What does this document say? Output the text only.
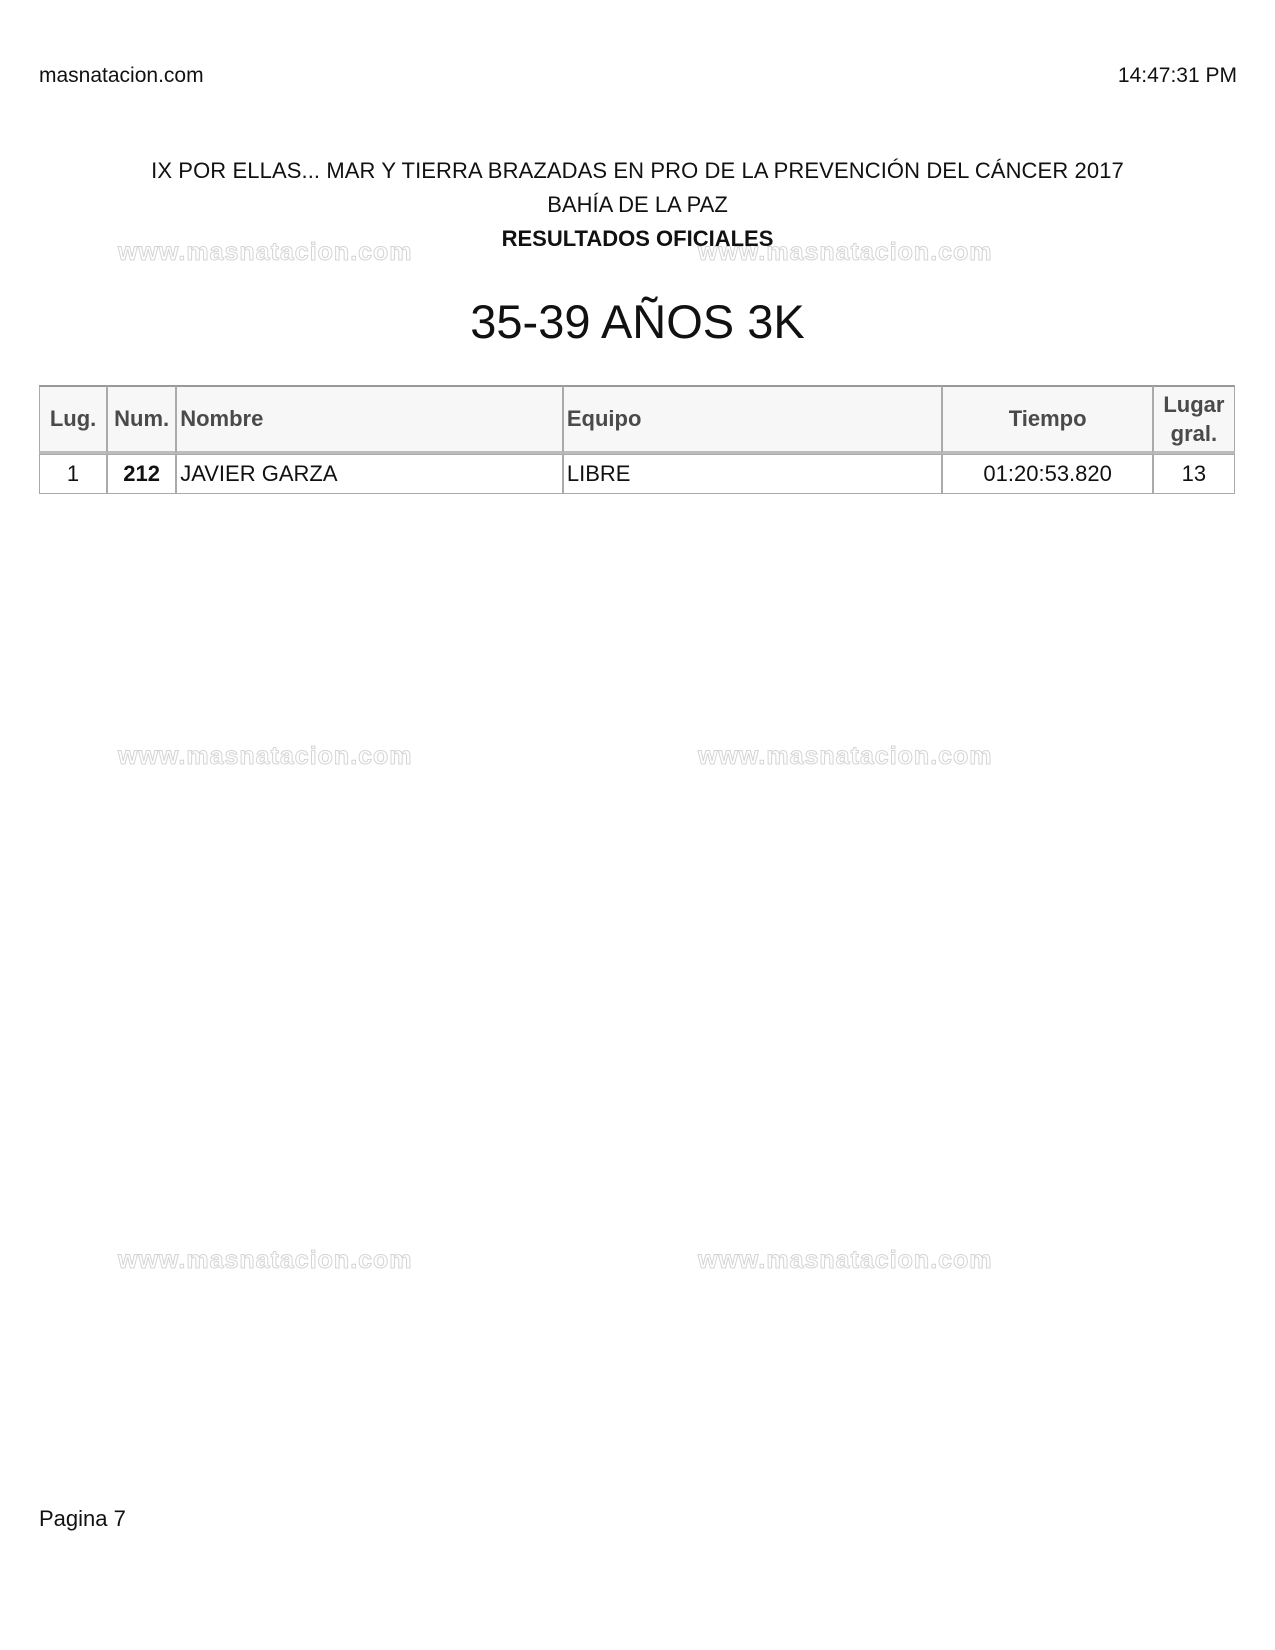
masnatacion.com	14:47:31 PM
www.masnatacion.com	www.masnatacion.com
www.masnatacion.com	www.masnatacion.com
www.masnatacion.com	www.masnatacion.com
IX POR ELLAS... MAR Y TIERRA BRAZADAS EN PRO DE LA PREVENCIÓN DEL CÁNCER 2017
BAHÍA DE LA PAZ
RESULTADOS OFICIALES
35-39 AÑOS 3K
Lug.	Num.	Nombre	Equipo	Tiempo	Lugar
gral.
1	212	JAVIER GARZA	LIBRE	01:20:53.820	13
Pagina 7
